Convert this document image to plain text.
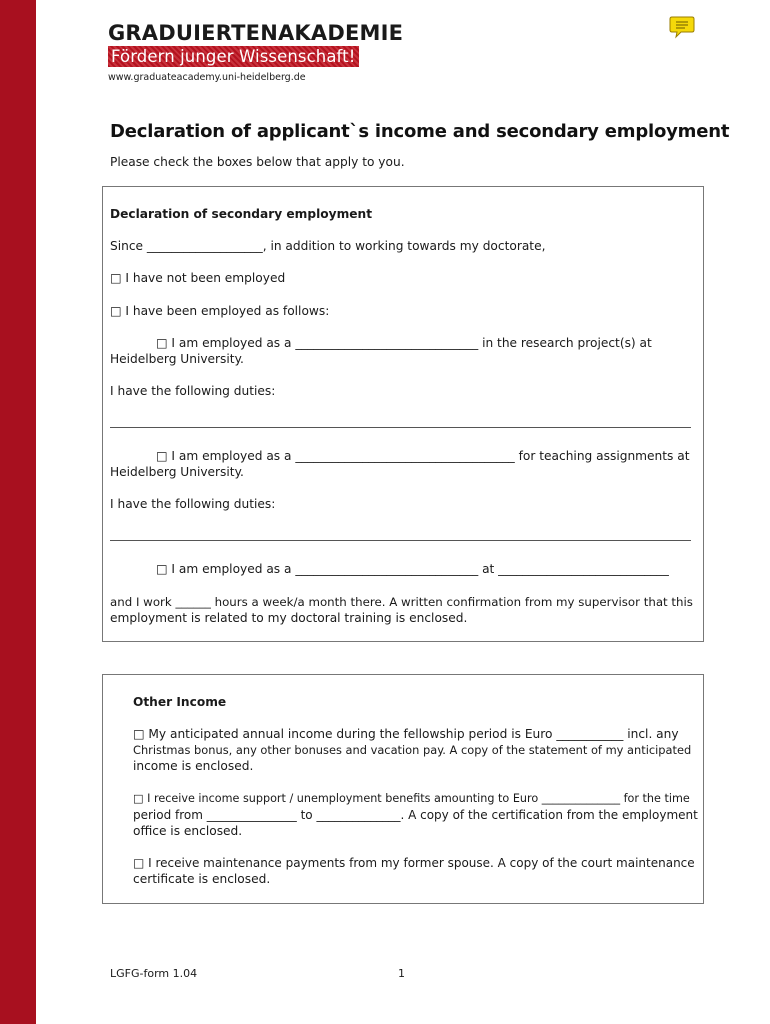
GRADUIERTENAKADEMIE
Fördern junger Wissenschaft!
www.graduateacademy.uni-heidelberg.de
Declaration of applicant`s income and secondary employment
Please check the boxes below that apply to you.
Declaration of secondary employment
Since ___________________, in addition to working towards my doctorate,
□ I have not been employed
□ I have been employed as follows:
□ I am employed as a ______________________________ in the research project(s) at
Heidelberg University.
I have the following duties:
□ I am employed as a ____________________________________ for teaching assignments at
Heidelberg University.
I have the following duties:
□ I am employed as a ______________________________ at ____________________________
and I work ______ hours a week/a month there. A written confirmation from my supervisor that this
employment is related to my doctoral training is enclosed.
Other Income
□ My anticipated annual income during the fellowship period is Euro ___________ incl. any
Christmas bonus, any other bonuses and vacation pay. A copy of the statement of my anticipated
income is enclosed.
□ I receive income support / unemployment benefits amounting to Euro ______________ for the time
period from _______________ to ______________. A copy of the certification from the employment
office is enclosed.
□ I receive maintenance payments from my former spouse. A copy of the court maintenance
certificate is enclosed.
LGFG-form 1.04	1
